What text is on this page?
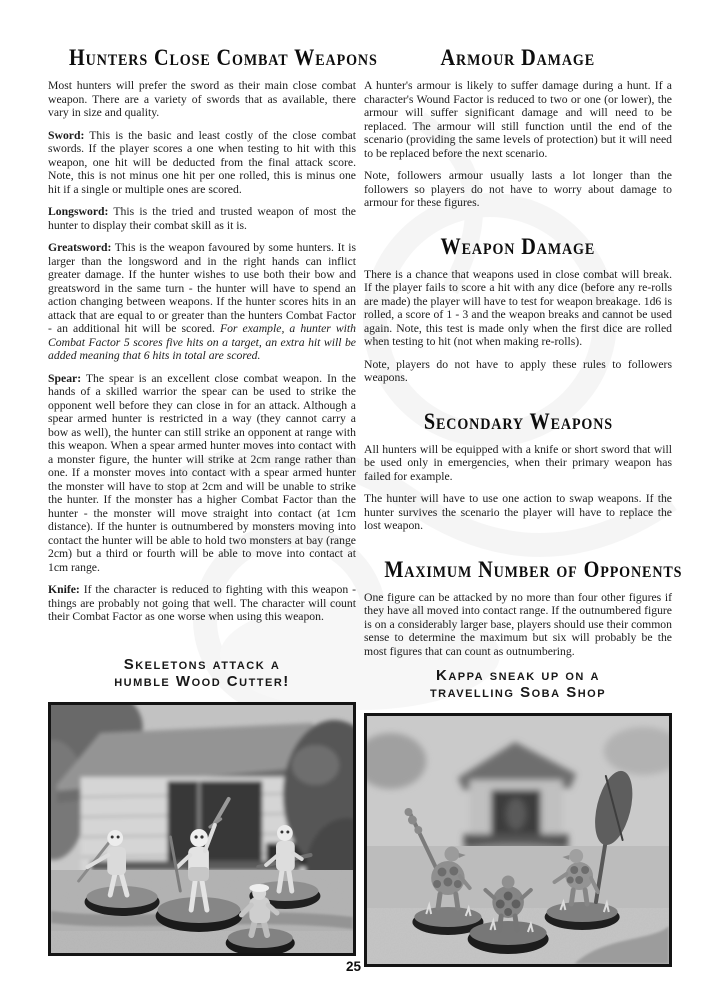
Hunters Close Combat Weapons

Most hunters will prefer the sword as their main close combat weapon. There are a variety of swords that as available, there vary in size and quality.

Sword: This is the basic and least costly of the close combat swords. If the player scores a one when testing to hit with this weapon, one hit will be deducted from the final attack score. Note, this is not minus one hit per one rolled, this is minus one hit if a single or multiple ones are scored.

Longsword: This is the tried and trusted weapon of most the hunter to display their combat skill as it is.

Greatsword: This is the weapon favoured by some hunters. It is larger than the longsword and in the right hands can inflict greater damage. If the hunter wishes to use both their bow and greatsword in the same turn - the hunter will have to spend an action changing between weapons. If the hunter scores hits in an attack that are equal to or greater than the hunters Combat Factor - an additional hit will be scored. For example, a hunter with Combat Factor 5 scores five hits on a target, an extra hit will be added meaning that 6 hits in total are scored.

Spear: The spear is an excellent close combat weapon. In the hands of a skilled warrior the spear can be used to strike the opponent well before they can close in for an attack. Although a spear armed hunter is restricted in a way (they cannot carry a bow as well), the hunter can still strike an opponent at range with this weapon. When a spear armed hunter moves into contact with a monster figure, the hunter will strike at 2cm range rather than one. If a monster moves into contact with a spear armed hunter the monster will have to stop at 2cm and will be unable to strike the hunter. If the monster has a higher Combat Factor than the hunter - the monster will move straight into contact (at 1cm distance). If the hunter is outnumbered by monsters moving into contact the hunter will be able to hold two monsters at bay (range 2cm) but a third or fourth will be able to move into contact at 1cm range.

Knife: If the character is reduced to fighting with this weapon - things are probably not going that well. The character will count their Combat Factor as one worse when using this weapon.

Skeletons attack a
humble Wood Cutter!
Armour Damage

A hunter's armour is likely to suffer damage during a hunt. If a character's Wound Factor is reduced to two or one (or lower), the armour will suffer significant damage and will need to be replaced. The armour will still function until the end of the scenario (providing the same levels of protection) but it will need to be replaced before the next scenario.

Note, followers armour usually lasts a lot longer than the followers so players do not have to worry about damage to armour for these figures.

Weapon Damage

There is a chance that weapons used in close combat will break. If the player fails to score a hit with any dice (before any re-rolls are made) the player will have to test for weapon breakage. 1d6 is rolled, a score of 1 - 3 and the weapon breaks and cannot be used again. Note, this test is made only when the first dice are rolled when testing to hit (not when making re-rolls).

Note, players do not have to apply these rules to followers weapons.

Secondary Weapons

All hunters will be equipped with a knife or short sword that will be used only in emergencies, when their primary weapon has failed for example.

The hunter will have to use one action to swap weapons. If the hunter survives the scenario the player will have to replace the lost weapon.

Maximum Number of Opponents

One figure can be attacked by no more than four other figures if they have all moved into contact range. If the outnumbered figure is on a considerably larger base, players should use their common sense to determine the maximum but six will probably be the most figures that can count as outnumbering.

Kappa sneak up on a
travelling Soba Shop
25
